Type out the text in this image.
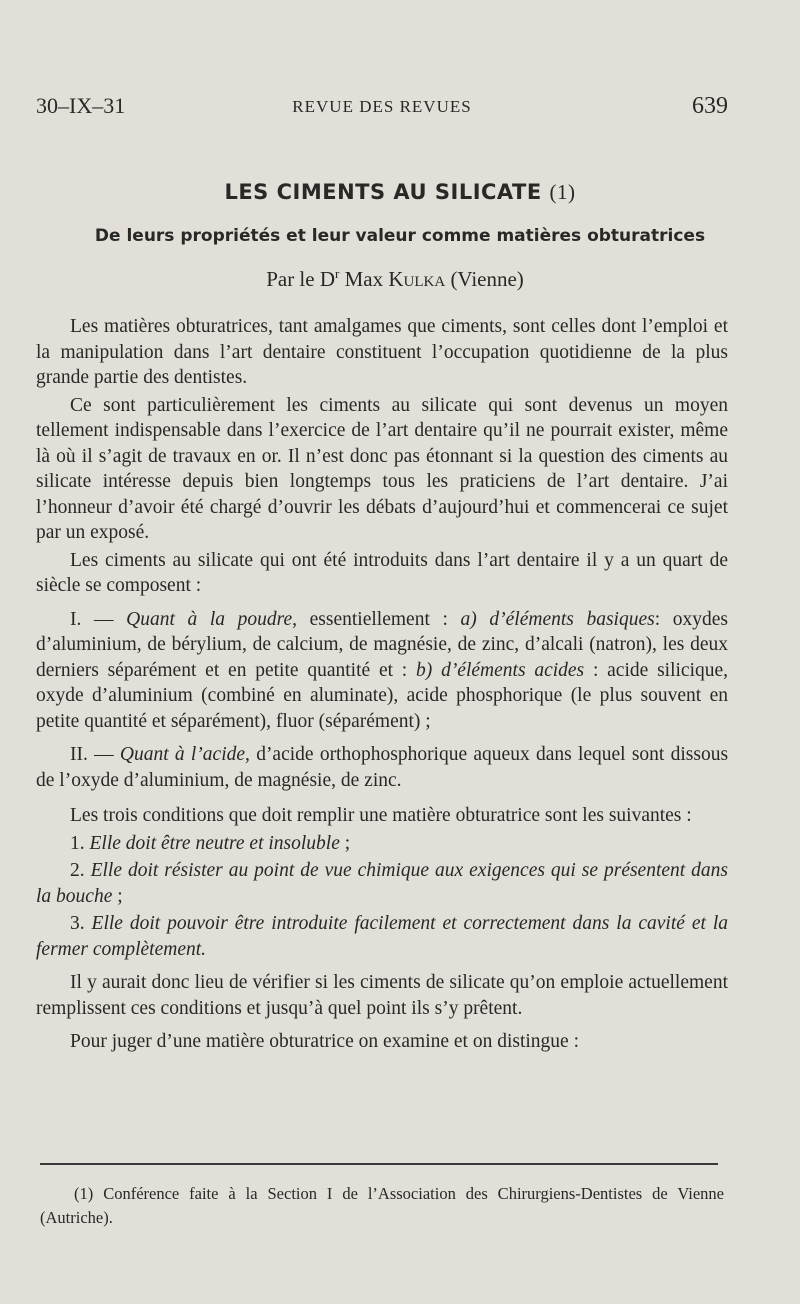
30–IX–31	REVUE DES REVUES	639
LES CIMENTS AU SILICATE (1)
De leurs propriétés et leur valeur comme matières obturatrices
Par le $D^r$ Max Kulka (Vienne)

Les matières obturatrices, tant amalgames que ciments, sont celles dont l’emploi et la manipulation dans l’art dentaire constituent l’occupation quotidienne de la plus grande partie des dentistes.

Ce sont particulièrement les ciments au silicate qui sont devenus un moyen tellement indispensable dans l’exercice de l’art dentaire qu’il ne pourrait exister, même là où il s’agit de travaux en or. Il n’est donc pas étonnant si la question des ciments au silicate intéresse depuis bien longtemps tous les praticiens de l’art dentaire. J’ai l’honneur d’avoir été chargé d’ouvrir les débats d’aujourd’hui et commencerai ce sujet par un exposé.

Les ciments au silicate qui ont été introduits dans l’art dentaire il y a un quart de siècle se composent :

I. — Quant à la poudre, essentiellement : a) d’éléments basiques: oxydes d’aluminium, de bérylium, de calcium, de magnésie, de zinc, d’alcali (natron), les deux derniers séparément et en petite quantité et : b) d’éléments acides : acide silicique, oxyde d’aluminium (combiné en aluminate), acide phosphorique (le plus souvent en petite quantité et séparément), fluor (séparément) ;

II. — Quant à l’acide, d’acide orthophosphorique aqueux dans lequel sont dissous de l’oxyde d’aluminium, de magnésie, de zinc.

Les trois conditions que doit remplir une matière obturatrice sont les suivantes :

1. Elle doit être neutre et insoluble ;

2. Elle doit résister au point de vue chimique aux exigences qui se présentent dans la bouche ;

3. Elle doit pouvoir être introduite facilement et correctement dans la cavité et la fermer complètement.

Il y aurait donc lieu de vérifier si les ciments de silicate qu’on emploie actuellement remplissent ces conditions et jusqu’à quel point ils s’y prêtent.

Pour juger d’une matière obturatrice on examine et on distingue :

(1) Conférence faite à la Section I de l’Association des Chirurgiens-Dentistes de Vienne (Autriche).
